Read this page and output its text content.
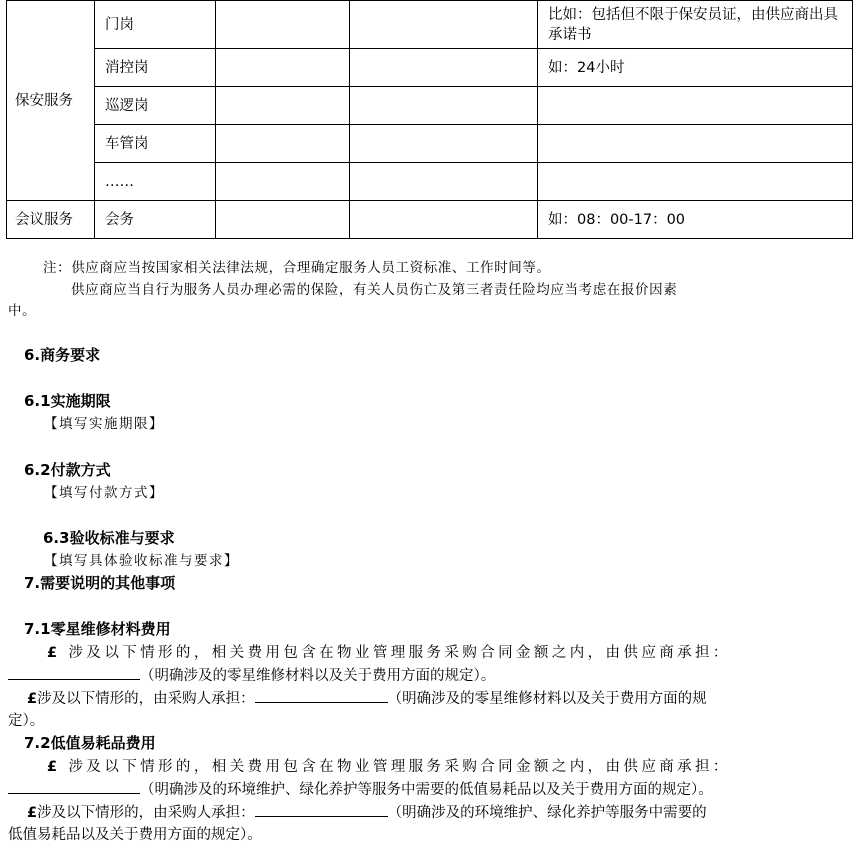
保安服务	门岗			比如：包括但不限于保安员证，由供应商出具承诺书
	消控岗			如：24小时
	巡逻岗			
	车管岗			
	……			
会议服务	会务			如：08：00-17：00
注：供应商应当按国家相关法律法规，合理确定服务人员工资标准、工作时间等。
供应商应当自行为服务人员办理必需的保险，有关人员伤亡及第三者责任险均应当考虑在报价因素
中。
6.商务要求
6.1实施期限
【填写实施期限】
6.2付款方式
【填写付款方式】
6.3验收标准与要求
【填写具体验收标准与要求】
7.需要说明的其他事项
7.1零星维修材料费用
£ 涉及以下情形的，相关费用包含在物业管理服务采购合同金额之内，由供应商承担：
（明确涉及的零星维修材料以及关于费用方面的规定）。
£涉及以下情形的，由采购人承担：	（明确涉及的零星维修材料以及关于费用方面的规
定）。
7.2低值易耗品费用
£ 涉及以下情形的，相关费用包含在物业管理服务采购合同金额之内，由供应商承担：
（明确涉及的环境维护、绿化养护等服务中需要的低值易耗品以及关于费用方面的规定）。
£涉及以下情形的，由采购人承担：	（明确涉及的环境维护、绿化养护等服务中需要的
低值易耗品以及关于费用方面的规定）。
